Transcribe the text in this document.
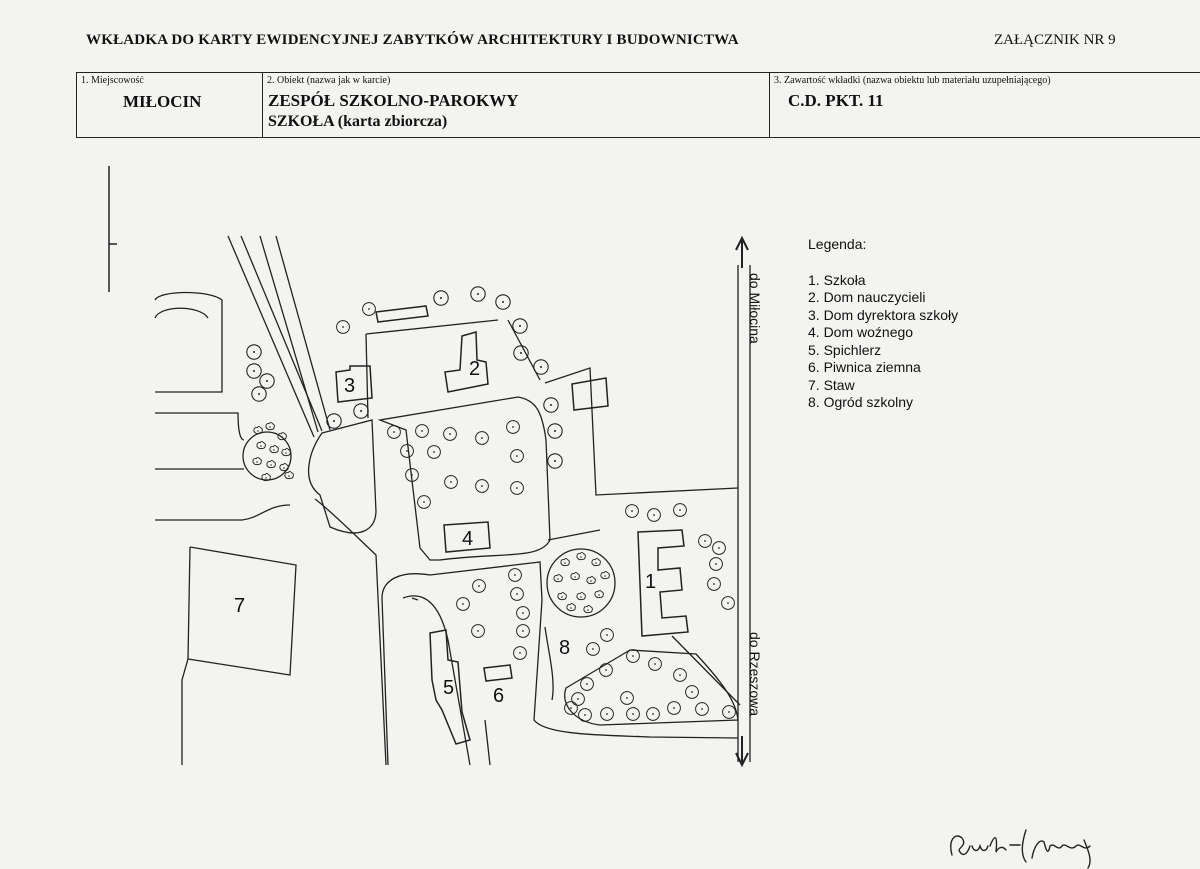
WKŁADKA DO KARTY EWIDENCYJNEJ ZABYTKÓW ARCHITEKTURY I BUDOWNICTWA	ZAŁĄCZNIK NR 9
1. Miejscowość
MIŁOCIN
2. Obiekt (nazwa jak w karcie)
ZESPÓŁ SZKOLNO-PAROKWY
SZKOŁA (karta zbiorcza)
3. Zawartość wkładki (nazwa obiektu lub materiału uzupełniającego)
C.D. PKT. 11
1
2
3
4
5 6
7
8
do Miłocina
do Rzeszowa
Legenda:
1. Szkoła
2. Dom nauczycieli
3. Dom dyrektora szkoły
4. Dom woźnego
5. Spichlerz
6. Piwnica ziemna
7. Staw
8. Ogród szkolny
